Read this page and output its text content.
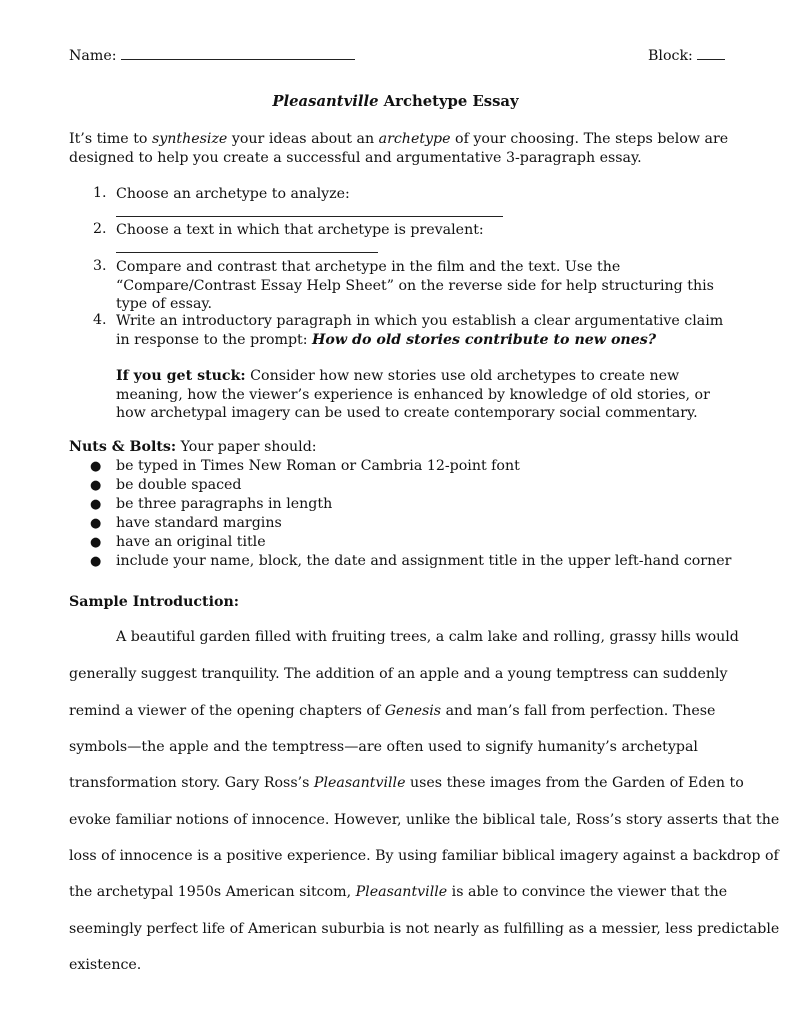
Name:	Block:
Pleasantville Archetype Essay
It’s time to synthesize your ideas about an archetype of your choosing. The steps below are designed to help you create a successful and argumentative 3-paragraph essay.
1. Choose an archetype to analyze:
2. Choose a text in which that archetype is prevalent:
3. Compare and contrast that archetype in the film and the text. Use the “Compare/Contrast Essay Help Sheet” on the reverse side for help structuring this type of essay.
4. Write an introductory paragraph in which you establish a clear argumentative claim in response to the prompt: How do old stories contribute to new ones?
If you get stuck: Consider how new stories use old archetypes to create new meaning, how the viewer’s experience is enhanced by knowledge of old stories, or how archetypal imagery can be used to create contemporary social commentary.
Nuts & Bolts: Your paper should:
● be typed in Times New Roman or Cambria 12-point font
● be double spaced
● be three paragraphs in length
● have standard margins
● have an original title
● include your name, block, the date and assignment title in the upper left-hand corner
Sample Introduction:
A beautiful garden filled with fruiting trees, a calm lake and rolling, grassy hills would
generally suggest tranquility. The addition of an apple and a young temptress can suddenly
remind a viewer of the opening chapters of Genesis and man’s fall from perfection. These
symbols—the apple and the temptress—are often used to signify humanity’s archetypal
transformation story. Gary Ross’s Pleasantville uses these images from the Garden of Eden to
evoke familiar notions of innocence. However, unlike the biblical tale, Ross’s story asserts that the
loss of innocence is a positive experience. By using familiar biblical imagery against a backdrop of
the archetypal 1950s American sitcom, Pleasantville is able to convince the viewer that the
seemingly perfect life of American suburbia is not nearly as fulfilling as a messier, less predictable
existence.
